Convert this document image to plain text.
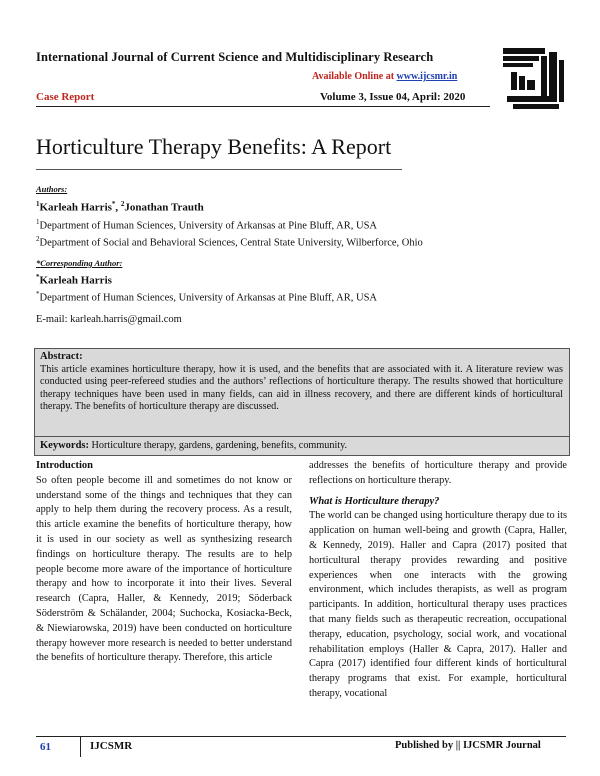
International Journal of Current Science and Multidisciplinary Research
Available Online at www.ijcsmr.in
Case Report	Volume 3, Issue 04, April: 2020
Horticulture Therapy Benefits: A Report
Authors:
$^1$Karleah Harris*, $^2$Jonathan Trauth
$^1$Department of Human Sciences, University of Arkansas at Pine Bluff, AR, USA
$^2$Department of Social and Behavioral Sciences, Central State University, Wilberforce, Ohio
*Corresponding Author:
*Karleah Harris
*Department of Human Sciences, University of Arkansas at Pine Bluff, AR, USA
E-mail: karleah.harris@gmail.com
Abstract:
This article examines horticulture therapy, how it is used, and the benefits that are associated with it. A literature review was conducted using peer-refereed studies and the authors’ reflections of horticulture therapy. The results showed that horticulture therapy techniques have been used in many fields, can aid in illness recovery, and there are different kinds of horticultural therapy. The benefits of horticulture therapy are discussed.
Keywords: Horticulture therapy, gardens, gardening, benefits, community.
Introduction

So often people become ill and sometimes do not know or understand some of the things and techniques that they can apply to help them during the recovery process. As a result, this article examine the benefits of horticulture therapy, how it is used in our society as well as synthesizing research findings on horticulture therapy. The results are to help people become more aware of the importance of horticulture therapy and how to incorporate it into their lives. Several research (Capra, Haller, & Kennedy, 2019; Söderback Söderström & Schälander, 2004; Suchocka, Kosiacka-Beck, & Niewiarowska, 2019) have been conducted on horticulture therapy however more research is needed to better understand the benefits of horticulture therapy. Therefore, this article

addresses the benefits of horticulture therapy and provide reflections on horticulture therapy.

What is Horticulture therapy?

The world can be changed using horticulture therapy due to its application on human well-being and growth (Capra, Haller, & Kennedy, 2019). Haller and Capra (2017) posited that horticultural therapy provides rewarding and positive experiences when one interacts with the growing environment, which includes therapists, as well as program participants. In addition, horticultural therapy uses practices that many fields such as therapeutic recreation, occupational therapy, education, psychology, social work, and vocational rehabilitation employs (Haller & Capra, 2017). Haller and Capra (2017) identified four different kinds of horticultural therapy programs that exist. For example, horticultural therapy, vocational

61	IJCSMR	Published by || IJCSMR Journal
